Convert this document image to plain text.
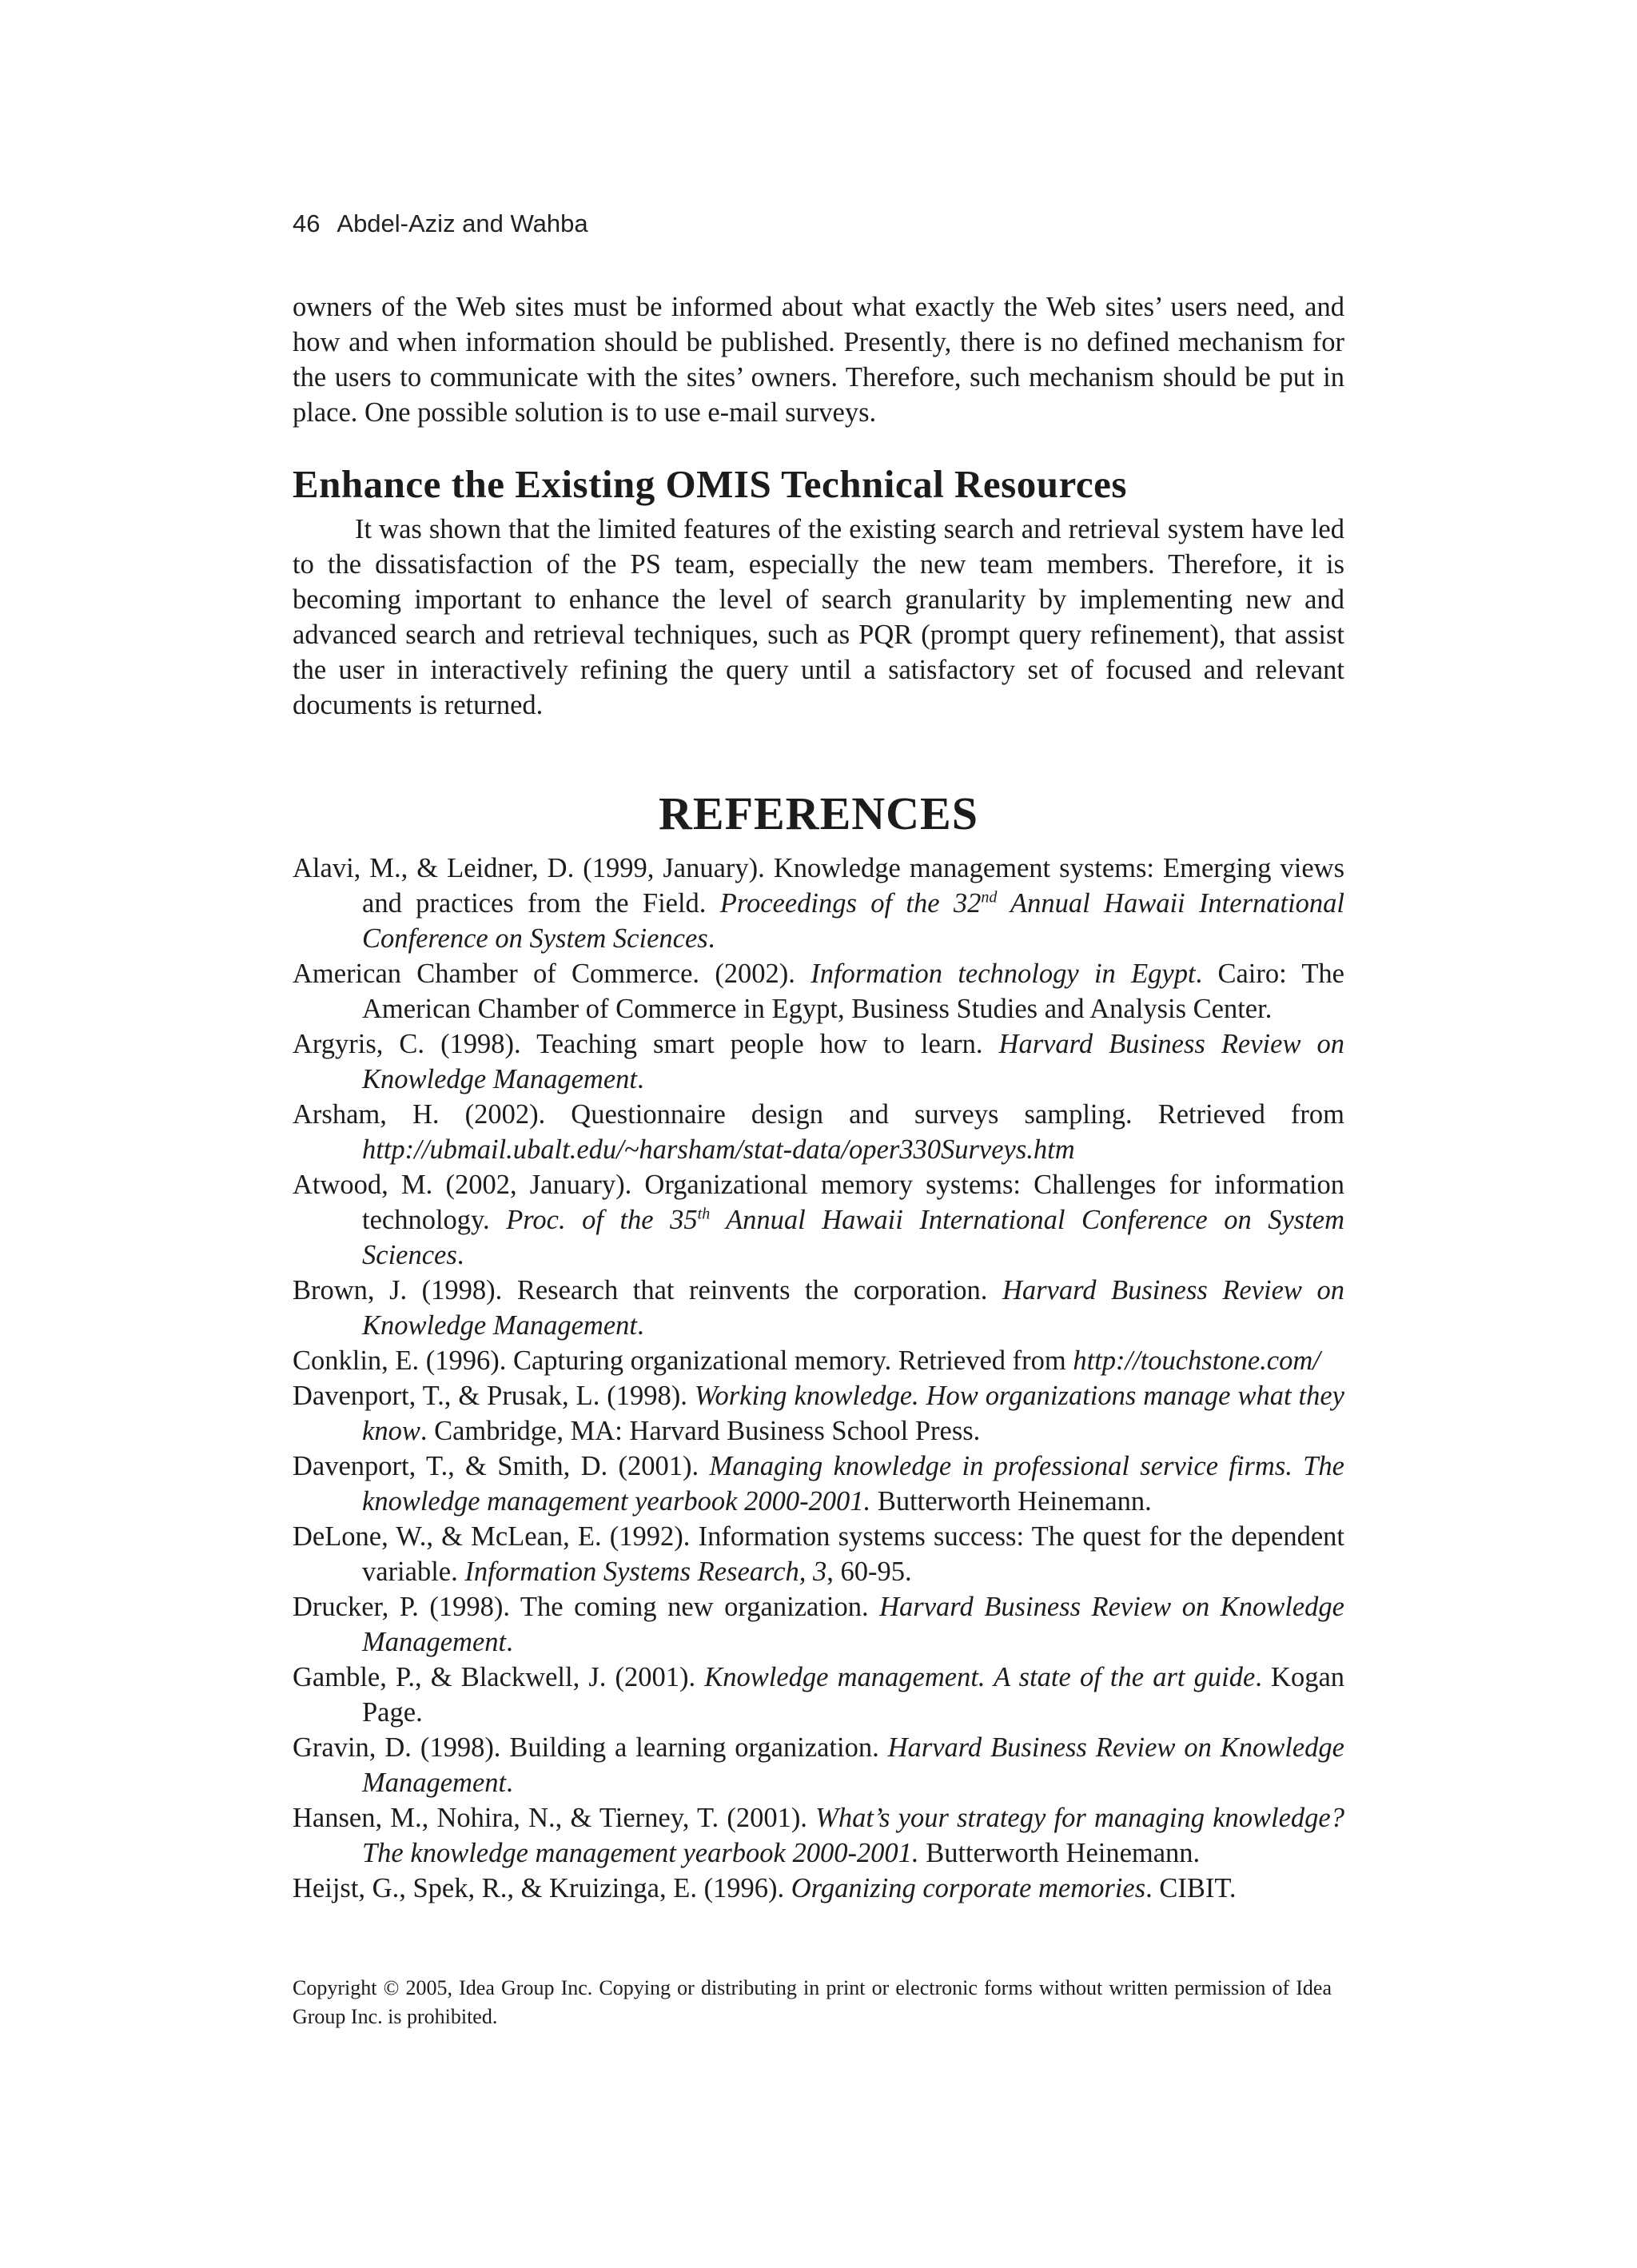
46 Abdel-Aziz and Wahba
owners of the Web sites must be informed about what exactly the Web sites’ users need, and how and when information should be published. Presently, there is no defined mechanism for the users to communicate with the sites’ owners. Therefore, such mechanism should be put in place. One possible solution is to use e-mail surveys.
Enhance the Existing OMIS Technical Resources
It was shown that the limited features of the existing search and retrieval system have led to the dissatisfaction of the PS team, especially the new team members. Therefore, it is becoming important to enhance the level of search granularity by implementing new and advanced search and retrieval techniques, such as PQR (prompt query refinement), that assist the user in interactively refining the query until a satisfactory set of focused and relevant documents is returned.
REFERENCES
Alavi, M., & Leidner, D. (1999, January). Knowledge management systems: Emerging views and practices from the Field. Proceedings of the 32nd Annual Hawaii International Conference on System Sciences.
American Chamber of Commerce. (2002). Information technology in Egypt. Cairo: The American Chamber of Commerce in Egypt, Business Studies and Analysis Center.
Argyris, C. (1998). Teaching smart people how to learn. Harvard Business Review on Knowledge Management.
Arsham, H. (2002). Questionnaire design and surveys sampling. Retrieved from http://ubmail.ubalt.edu/~harsham/stat-data/oper330Surveys.htm
Atwood, M. (2002, January). Organizational memory systems: Challenges for information technology. Proc. of the 35th Annual Hawaii International Conference on System Sciences.
Brown, J. (1998). Research that reinvents the corporation. Harvard Business Review on Knowledge Management.
Conklin, E. (1996). Capturing organizational memory. Retrieved from http://touchstone.com/
Davenport, T., & Prusak, L. (1998). Working knowledge. How organizations manage what they know. Cambridge, MA: Harvard Business School Press.
Davenport, T., & Smith, D. (2001). Managing knowledge in professional service firms. The knowledge management yearbook 2000-2001. Butterworth Heinemann.
DeLone, W., & McLean, E. (1992). Information systems success: The quest for the dependent variable. Information Systems Research, 3, 60-95.
Drucker, P. (1998). The coming new organization. Harvard Business Review on Knowledge Management.
Gamble, P., & Blackwell, J. (2001). Knowledge management. A state of the art guide. Kogan Page.
Gravin, D. (1998). Building a learning organization. Harvard Business Review on Knowledge Management.
Hansen, M., Nohira, N., & Tierney, T. (2001). What’s your strategy for managing knowledge? The knowledge management yearbook 2000-2001. Butterworth Heinemann.
Heijst, G., Spek, R., & Kruizinga, E. (1996). Organizing corporate memories. CIBIT.
Copyright © 2005, Idea Group Inc. Copying or distributing in print or electronic forms without written permission of Idea Group Inc. is prohibited.
